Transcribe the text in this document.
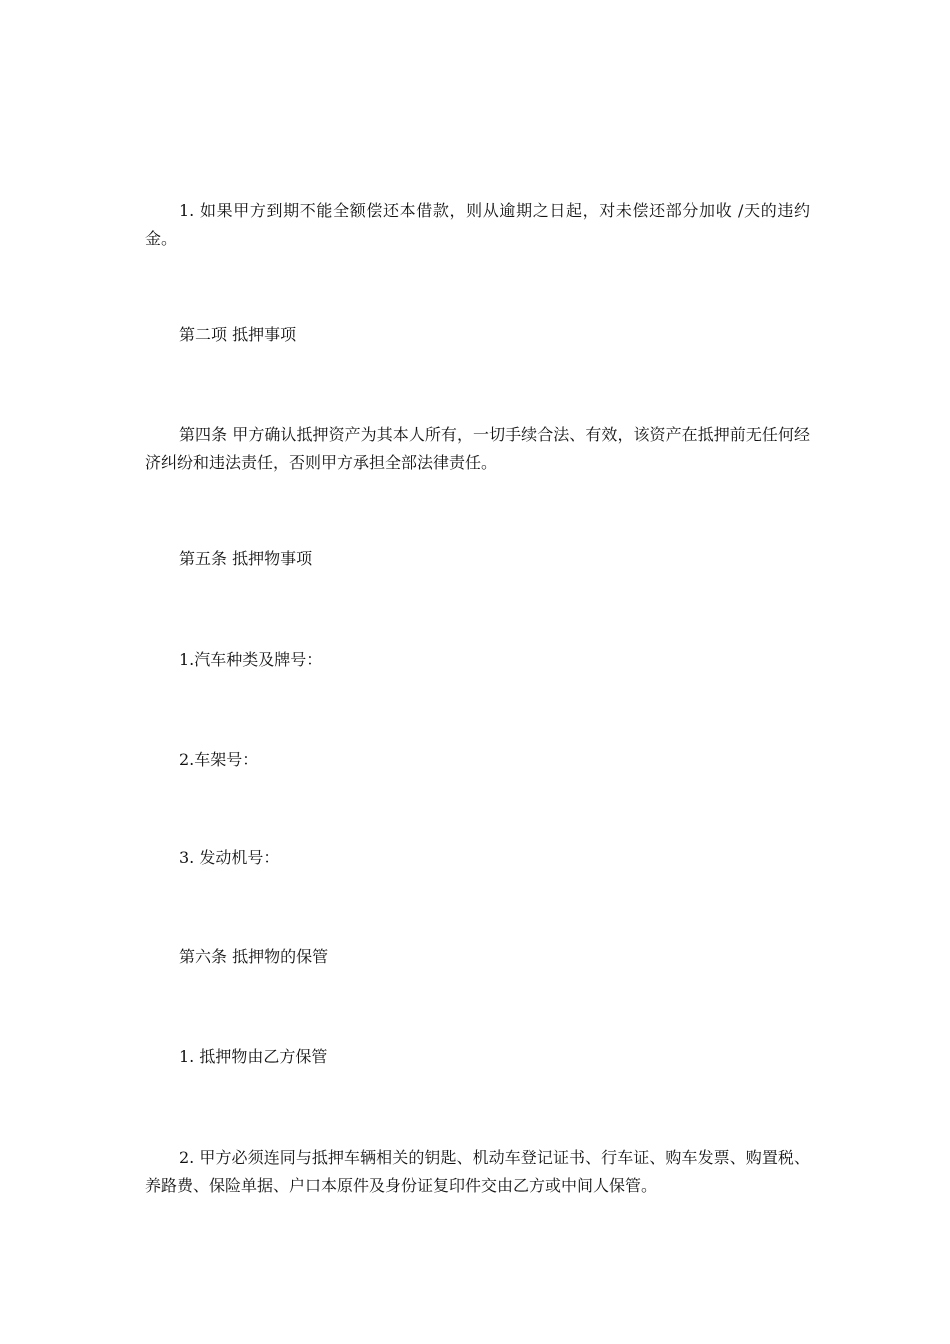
1. 如果甲方到期不能全额偿还本借款，则从逾期之日起，对未偿还部分加收 /天的违约金。

第二项 抵押事项

第四条 甲方确认抵押资产为其本人所有，一切手续合法、有效，该资产在抵押前无任何经济纠纷和违法责任，否则甲方承担全部法律责任。

第五条 抵押物事项

1.汽车种类及牌号：

2.车架号：

3. 发动机号：

第六条 抵押物的保管

1. 抵押物由乙方保管

2. 甲方必须连同与抵押车辆相关的钥匙、机动车登记证书、行车证、购车发票、购置税、养路费、保险单据、户口本原件及身份证复印件交由乙方或中间人保管。
